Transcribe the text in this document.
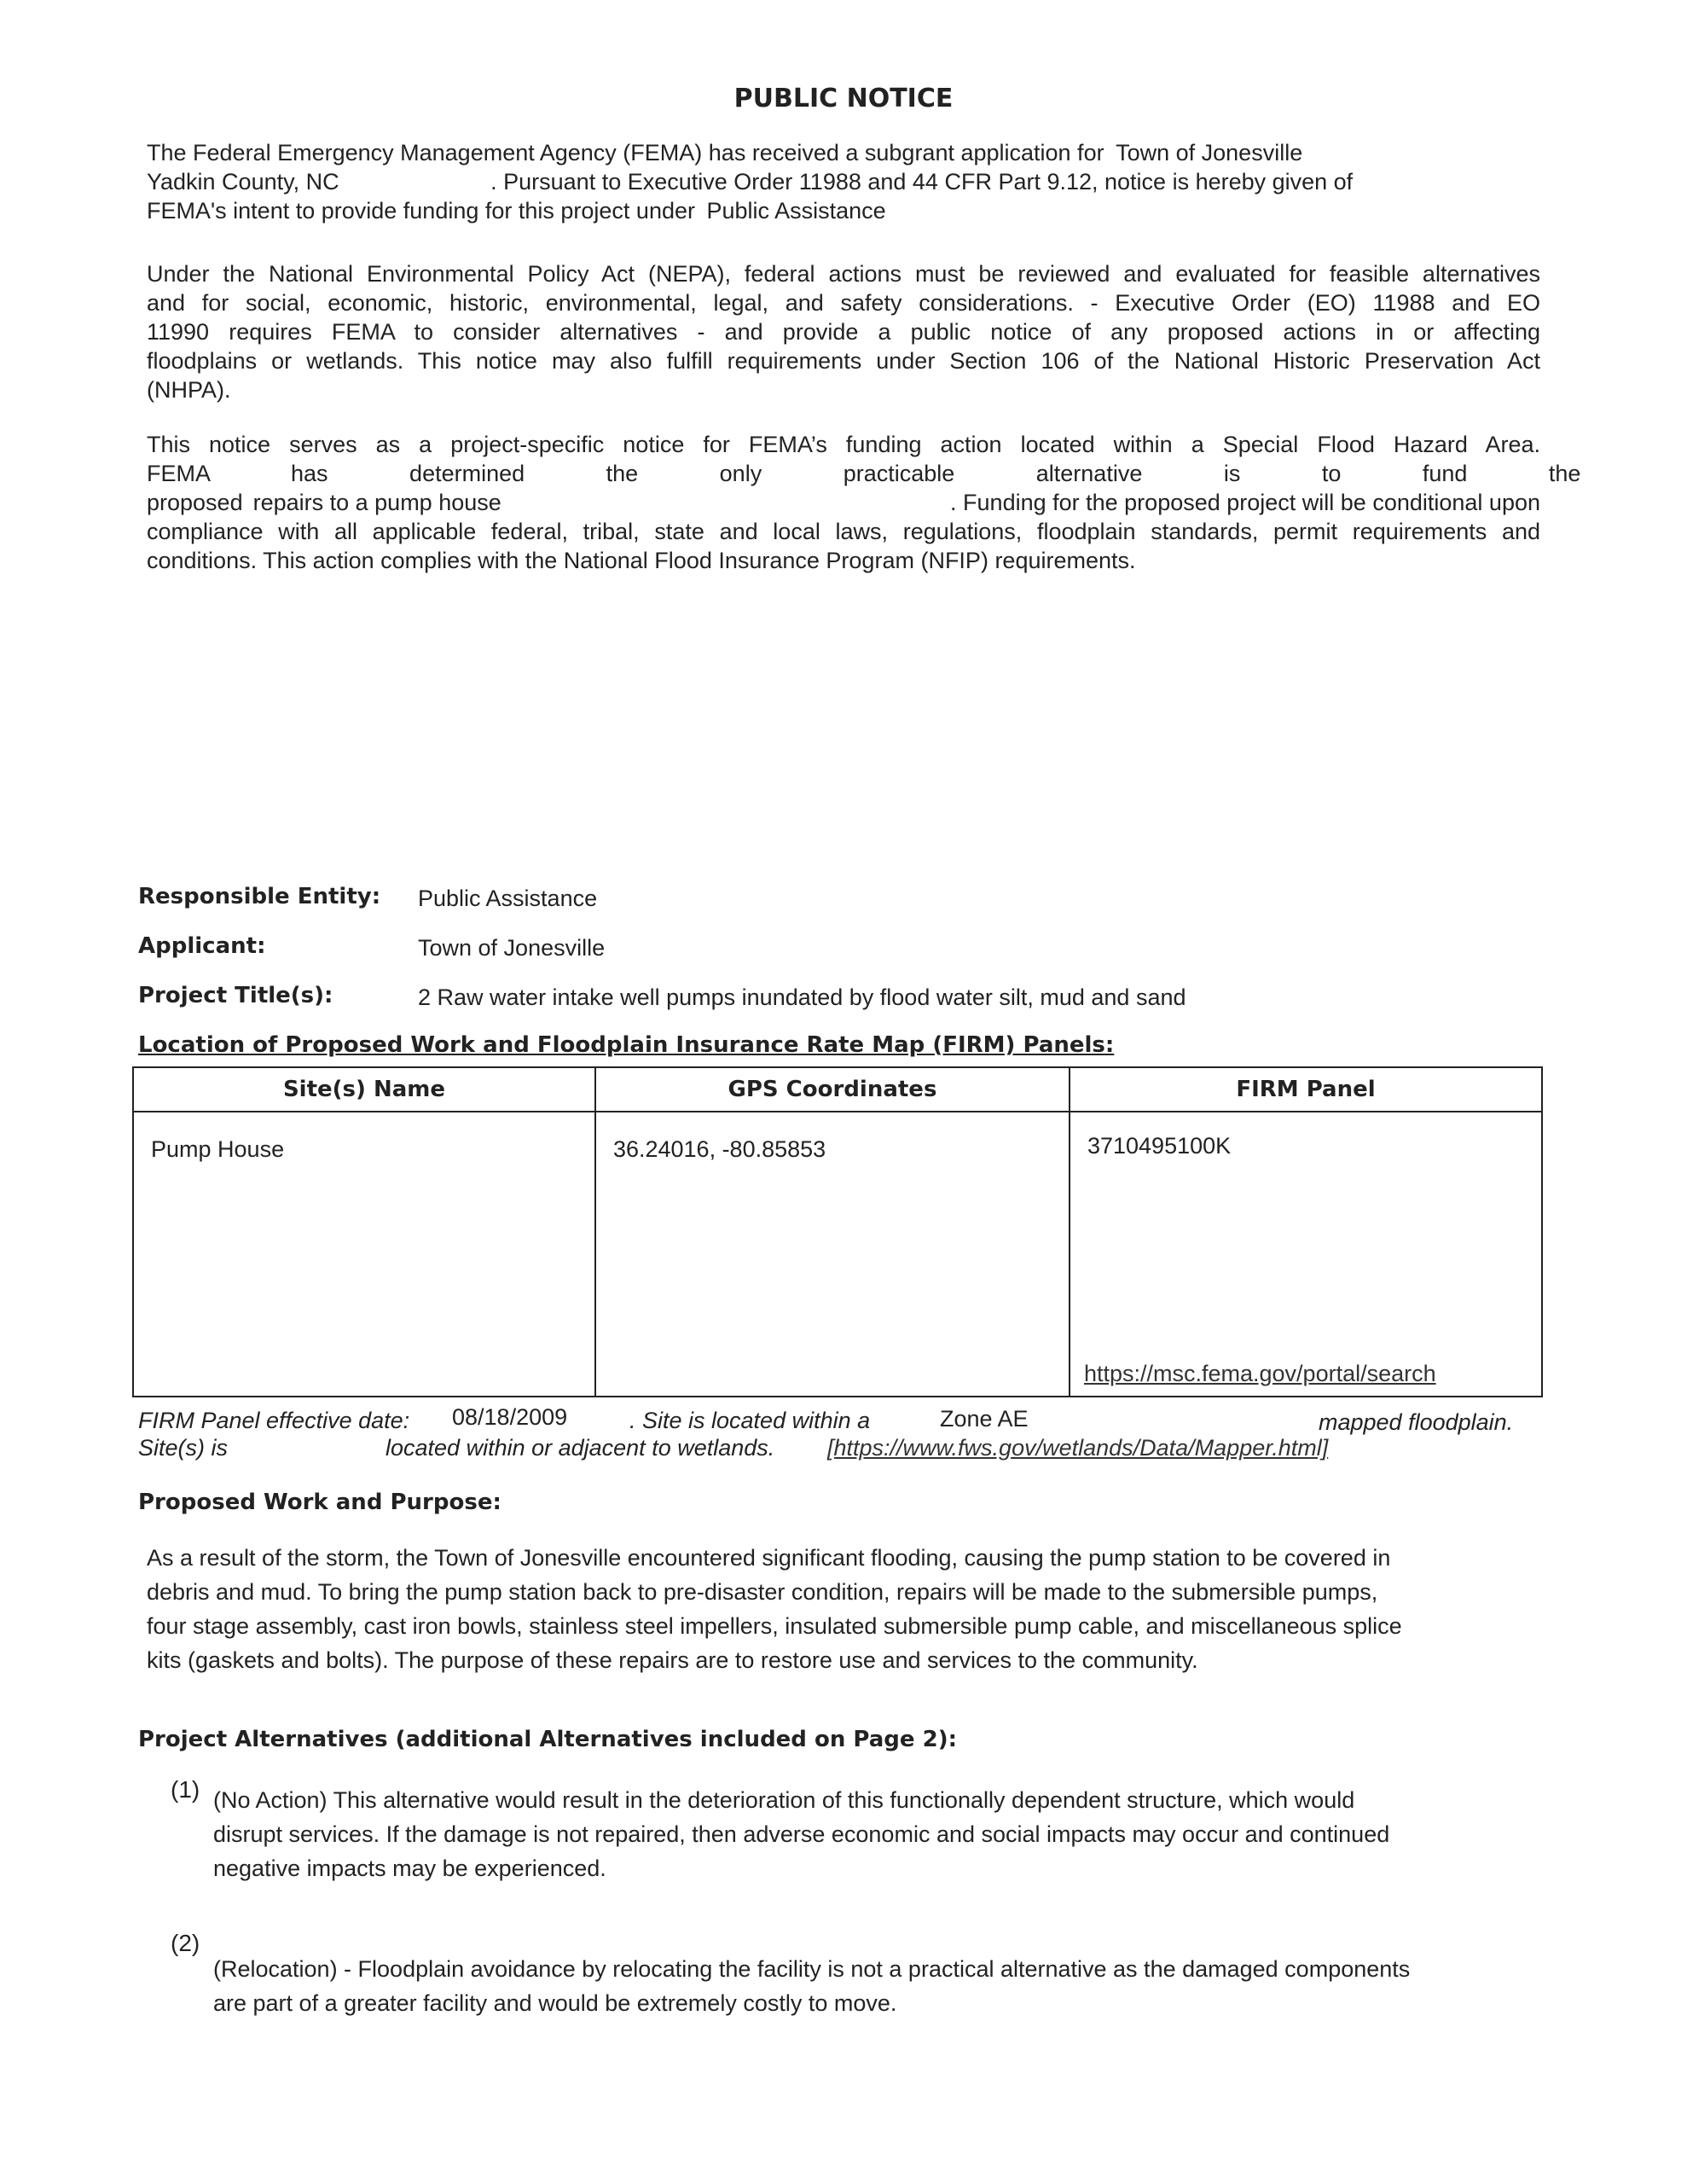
PUBLIC NOTICE
The Federal Emergency Management Agency (FEMA) has received a subgrant application for Town of Jonesville
Yadkin County, NC	. Pursuant to Executive Order 11988 and 44 CFR Part 9.12, notice is hereby given of
FEMA's intent to provide funding for this project under Public Assistance
Under the National Environmental Policy Act (NEPA), federal actions must be reviewed and evaluated for feasible alternatives
and for social, economic, historic, environmental, legal, and safety considerations. - Executive Order (EO) 11988 and EO
11990 requires FEMA to consider alternatives - and provide a public notice of any proposed actions in or affecting
floodplains or wetlands. This notice may also fulfill requirements under Section 106 of the National Historic Preservation Act
(NHPA).
This notice serves as a project-specific notice for FEMA’s funding action located within a Special Flood Hazard Area.
FEMA has determined the only practicable alternative is to fund the
proposed repairs to a pump house	. Funding for the proposed project will be conditional upon
compliance with all applicable federal, tribal, state and local laws, regulations, floodplain standards, permit requirements and
conditions. This action complies with the National Flood Insurance Program (NFIP) requirements.
Responsible Entity: Public Assistance
Applicant:	Town of Jonesville
Project Title(s):	2 Raw water intake well pumps inundated by flood water silt, mud and sand
Location of Proposed Work and Floodplain Insurance Rate Map (FIRM) Panels:
Site(s) Name	GPS Coordinates	FIRM Panel
Pump House	36.24016, -80.85853	3710495100K
https://msc.fema.gov/portal/search
FIRM Panel effective date: 08/18/2009	. Site is located within a	Zone AE	mapped floodplain.
Site(s) is	located within or adjacent to wetlands. [https://www.fws.gov/wetlands/Data/Mapper.html]
Proposed Work and Purpose:
As a result of the storm, the Town of Jonesville encountered significant flooding, causing the pump station to be covered in
debris and mud. To bring the pump station back to pre-disaster condition, repairs will be made to the submersible pumps,
four stage assembly, cast iron bowls, stainless steel impellers, insulated submersible pump cable, and miscellaneous splice
kits (gaskets and bolts). The purpose of these repairs are to restore use and services to the community.
Project Alternatives (additional Alternatives included on Page 2):
(1) (No Action) This alternative would result in the deterioration of this functionally dependent structure, which would
disrupt services. If the damage is not repaired, then adverse economic and social impacts may occur and continued
negative impacts may be experienced.
(2)
(Relocation) - Floodplain avoidance by relocating the facility is not a practical alternative as the damaged components
are part of a greater facility and would be extremely costly to move.
